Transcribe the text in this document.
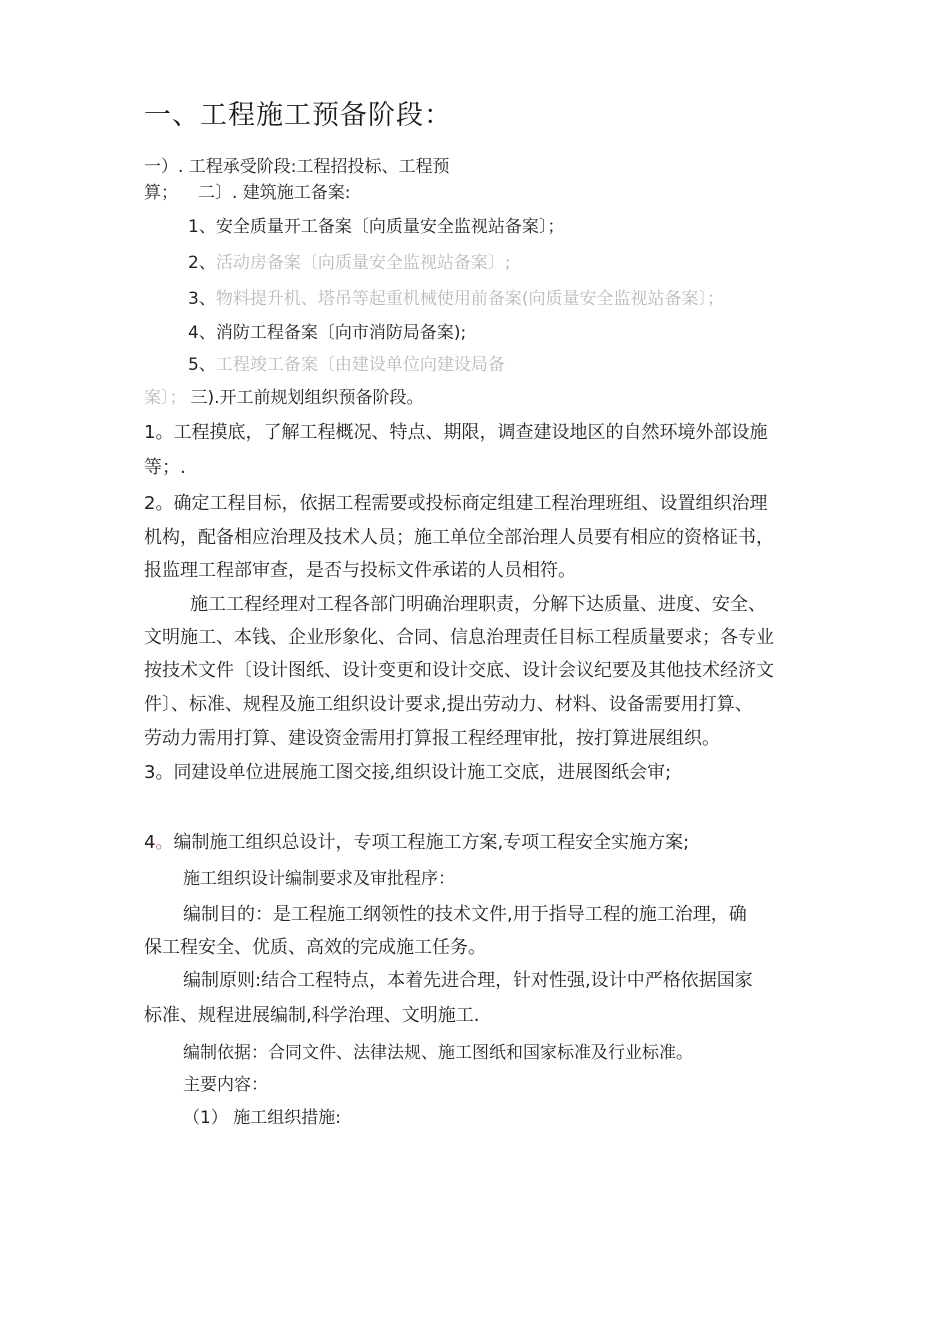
一、工程施工预备阶段：
一）. 工程承受阶段:工程招投标、工程预
算； 二〕. 建筑施工备案:
1、安全质量开工备案〔向质量安全监视站备案〕；
2、活动房备案〔向质量安全监视站备案〕;
3、物料提升机、塔吊等起重机械使用前备案(向质量安全监视站备案〕；
4、消防工程备案〔向市消防局备案);
5、工程竣工备案〔由建设单位向建设局备
案〕； 三).开工前规划组织预备阶段。
1。工程摸底，了解工程概况、特点、期限，调查建设地区的自然环境外部设施
等；.
2。确定工程目标，依据工程需要或投标商定组建工程治理班组、设置组织治理
机构，配备相应治理及技术人员；施工单位全部治理人员要有相应的资格证书，
报监理工程部审查，是否与投标文件承诺的人员相符。
施工工程经理对工程各部门明确治理职责，分解下达质量、进度、安全、
文明施工、本钱、企业形象化、合同、信息治理责任目标工程质量要求；各专业
按技术文件〔设计图纸、设计变更和设计交底、设计会议纪要及其他技术经济文
件〕、标准、规程及施工组织设计要求,提出劳动力、材料、设备需要用打算、
劳动力需用打算、建设资金需用打算报工程经理审批，按打算进展组织。
3。同建设单位进展施工图交接,组织设计施工交底，进展图纸会审;
4。编制施工组织总设计，专项工程施工方案,专项工程安全实施方案;
施工组织设计编制要求及审批程序：
编制目的：是工程施工纲领性的技术文件,用于指导工程的施工治理，确
保工程安全、优质、高效的完成施工任务。
编制原则:结合工程特点，本着先进合理，针对性强,设计中严格依据国家
标准、规程进展编制,科学治理、文明施工.
编制依据：合同文件、法律法规、施工图纸和国家标准及行业标准。
主要内容：
（1） 施工组织措施:
